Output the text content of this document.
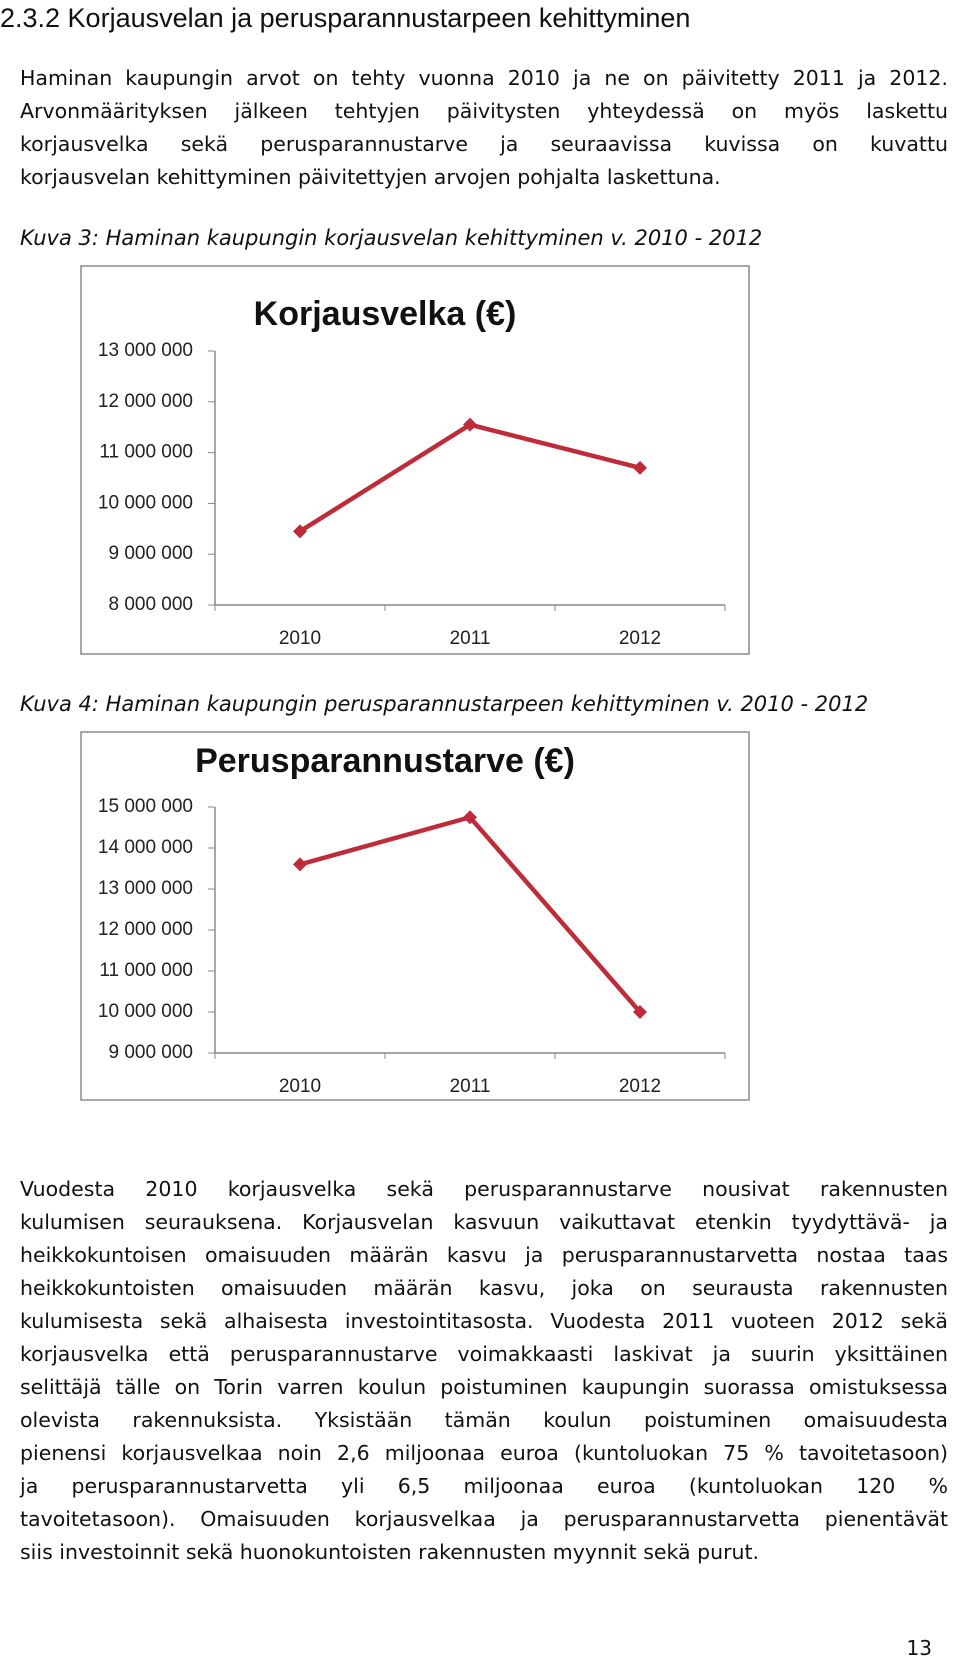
2.3.2 Korjausvelan ja perusparannustarpeen kehittyminen

Haminan kaupungin arvot on tehty vuonna 2010 ja ne on päivitetty 2011 ja 2012.

Arvonmäärityksen jälkeen tehtyjen päivitysten yhteydessä on myös laskettu

korjausvelka sekä perusparannustarve ja seuraavissa kuvissa on kuvattu

korjausvelan kehittyminen päivitettyjen arvojen pohjalta laskettuna.

Kuva 3: Haminan kaupungin korjausvelan kehittyminen v. 2010 - 2012

Korjausvelka (€)
13 000 000
12 000 000
11 000 000
10 000 000
9 000 000
8 000 000
2010	2011	2012

Kuva 4: Haminan kaupungin perusparannustarpeen kehittyminen v. 2010 - 2012

Perusparannustarve (€)
15 000 000
14 000 000
13 000 000
12 000 000
11 000 000
10 000 000
9 000 000
2010	2011	2012

Vuodesta 2010 korjausvelka sekä perusparannustarve nousivat rakennusten

kulumisen seurauksena. Korjausvelan kasvuun vaikuttavat etenkin tyydyttävä- ja

heikkokuntoisen omaisuuden määrän kasvu ja perusparannustarvetta nostaa taas

heikkokuntoisten omaisuuden määrän kasvu, joka on seurausta rakennusten

kulumisesta sekä alhaisesta investointitasosta. Vuodesta 2011 vuoteen 2012 sekä

korjausvelka että perusparannustarve voimakkaasti laskivat ja suurin yksittäinen

selittäjä tälle on Torin varren koulun poistuminen kaupungin suorassa omistuksessa

olevista rakennuksista. Yksistään tämän koulun poistuminen omaisuudesta

pienensi korjausvelkaa noin 2,6 miljoonaa euroa (kuntoluokan 75 % tavoitetasoon)

ja perusparannustarvetta yli 6,5 miljoonaa euroa (kuntoluokan 120 %

tavoitetasoon). Omaisuuden korjausvelkaa ja perusparannustarvetta pienentävät

siis investoinnit sekä huonokuntoisten rakennusten myynnit sekä purut.

13
